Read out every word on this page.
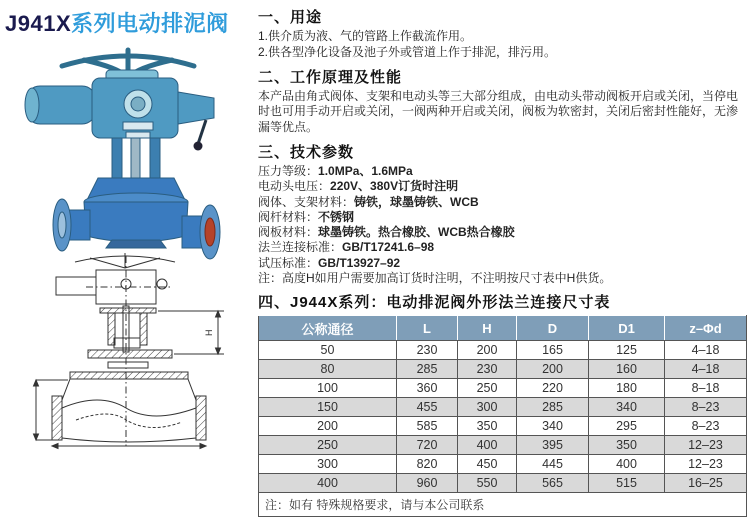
J941X系列电动排泥阀
H
一、用途

1.供介质为液、气的管路上作截流作用。

2.供各型净化设备及池子外或管道上作于排泥，排污用。

二、工作原理及性能

本产品由角式阀体、支架和电动头等三大部分组成，由电动头带动阀板开启或关闭，当停电时也可用手动开启或关闭，一阀两种开启或关闭，阀板为软密封，关闭后密封性能好，无渗漏等优点。

三、技术参数
压力等级：1.0MPa、1.6MPa
电动头电压：220V、380V订货时注明
阀体、支架材料：铸铁，球墨铸铁、WCB
阀杆材料：不锈钢
阀板材料：球墨铸铁。热合橡胶、WCB热合橡胶
法兰连接标准：GB/T17241.6–98
试压标准：GB/T13927–92
注：高度H如用户需要加高订货时注明，不注明按尺寸表中H供货。
四、J944X系列：电动排泥阀外形法兰连接尺寸表
公称通径	L	H	D	D1	z–Φd
50	230	200	165	125	4–18
80	285	230	200	160	4–18
100	360	250	220	180	8–18
150	455	300	285	340	8–23
200	585	350	340	295	8–23
250	720	400	395	350	12–23
300	820	450	445	400	12–23
400	960	550	565	515	16–25
注：如有 特殊规格要求，请与本公司联系					
